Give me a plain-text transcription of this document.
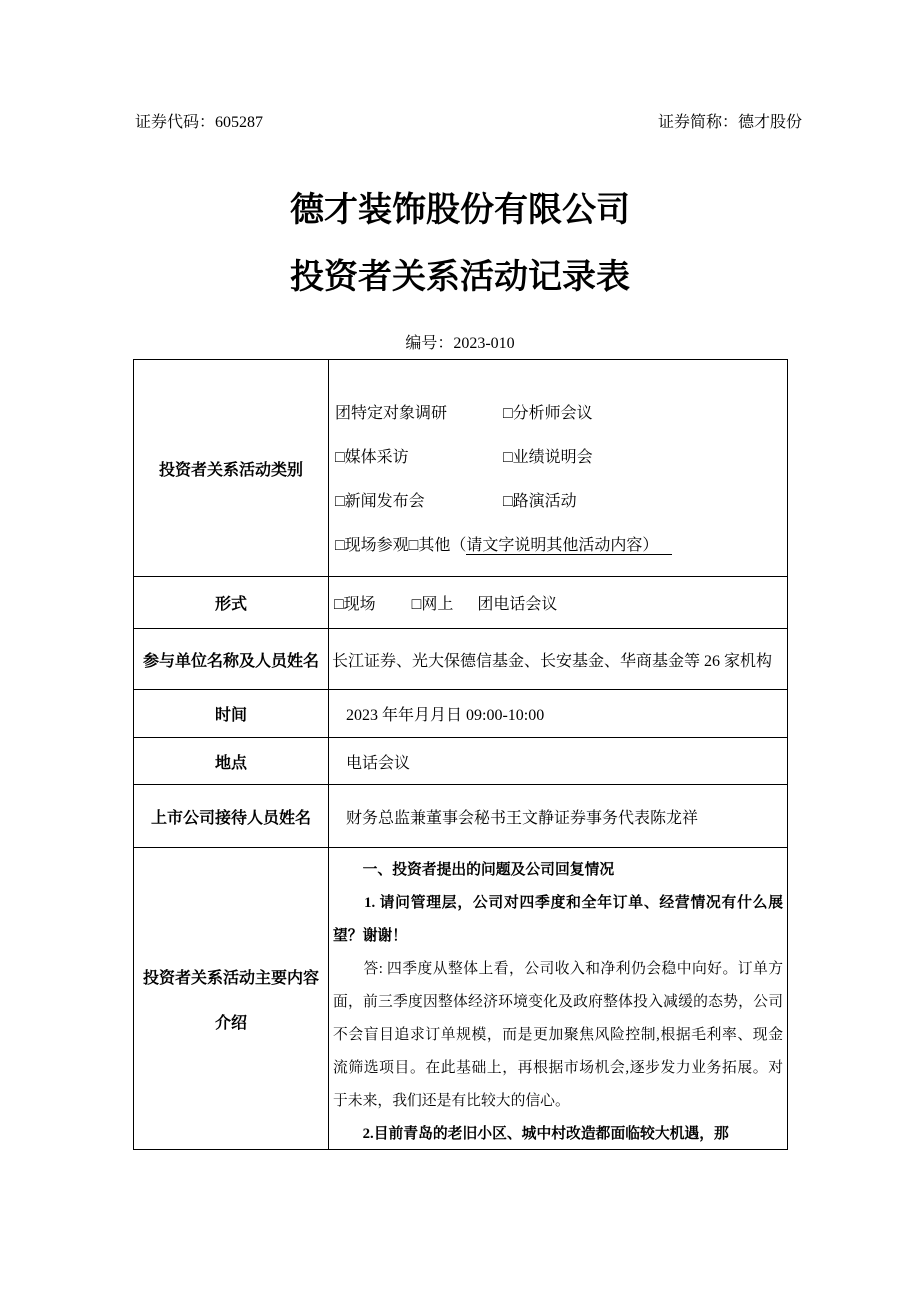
证券代码：605287	证券简称：德才股份
德才装饰股份有限公司
投资者关系活动记录表
编号：2023-010
投资者关系活动类别
团特定对象调研	□分析师会议
□媒体采访	□业绩说明会
□新闻发布会	□路演活动
□现场参观□其他（请文字说明其他活动内容）
形式	□现场 □网上 团电话会议
参与单位名称及人员姓名 长江证券、光大保德信基金、长安基金、华商基金等 26 家机构
时间	2023 年年月月日 09:00-10:00
地点	电话会议
上市公司接待人员姓名	财务总监兼董事会秘书王文静证券事务代表陈龙祥
投资者关系活动主要内容
介绍
　　一、投资者提出的问题及公司回复情况
　　1. 请问管理层，公司对四季度和全年订单、经营情况有什么展
望？谢谢！
　　答: 四季度从整体上看，公司收入和净利仍会稳中向好。订单方
面，前三季度因整体经济环境变化及政府整体投入减缓的态势，公司
不会盲目追求订单规模，而是更加聚焦风险控制,根据毛利率、现金
流筛选项目。在此基础上，再根据市场机会,逐步发力业务拓展。对
于未来，我们还是有比较大的信心。
　　2.目前青岛的老旧小区、城中村改造都面临较大机遇，那
